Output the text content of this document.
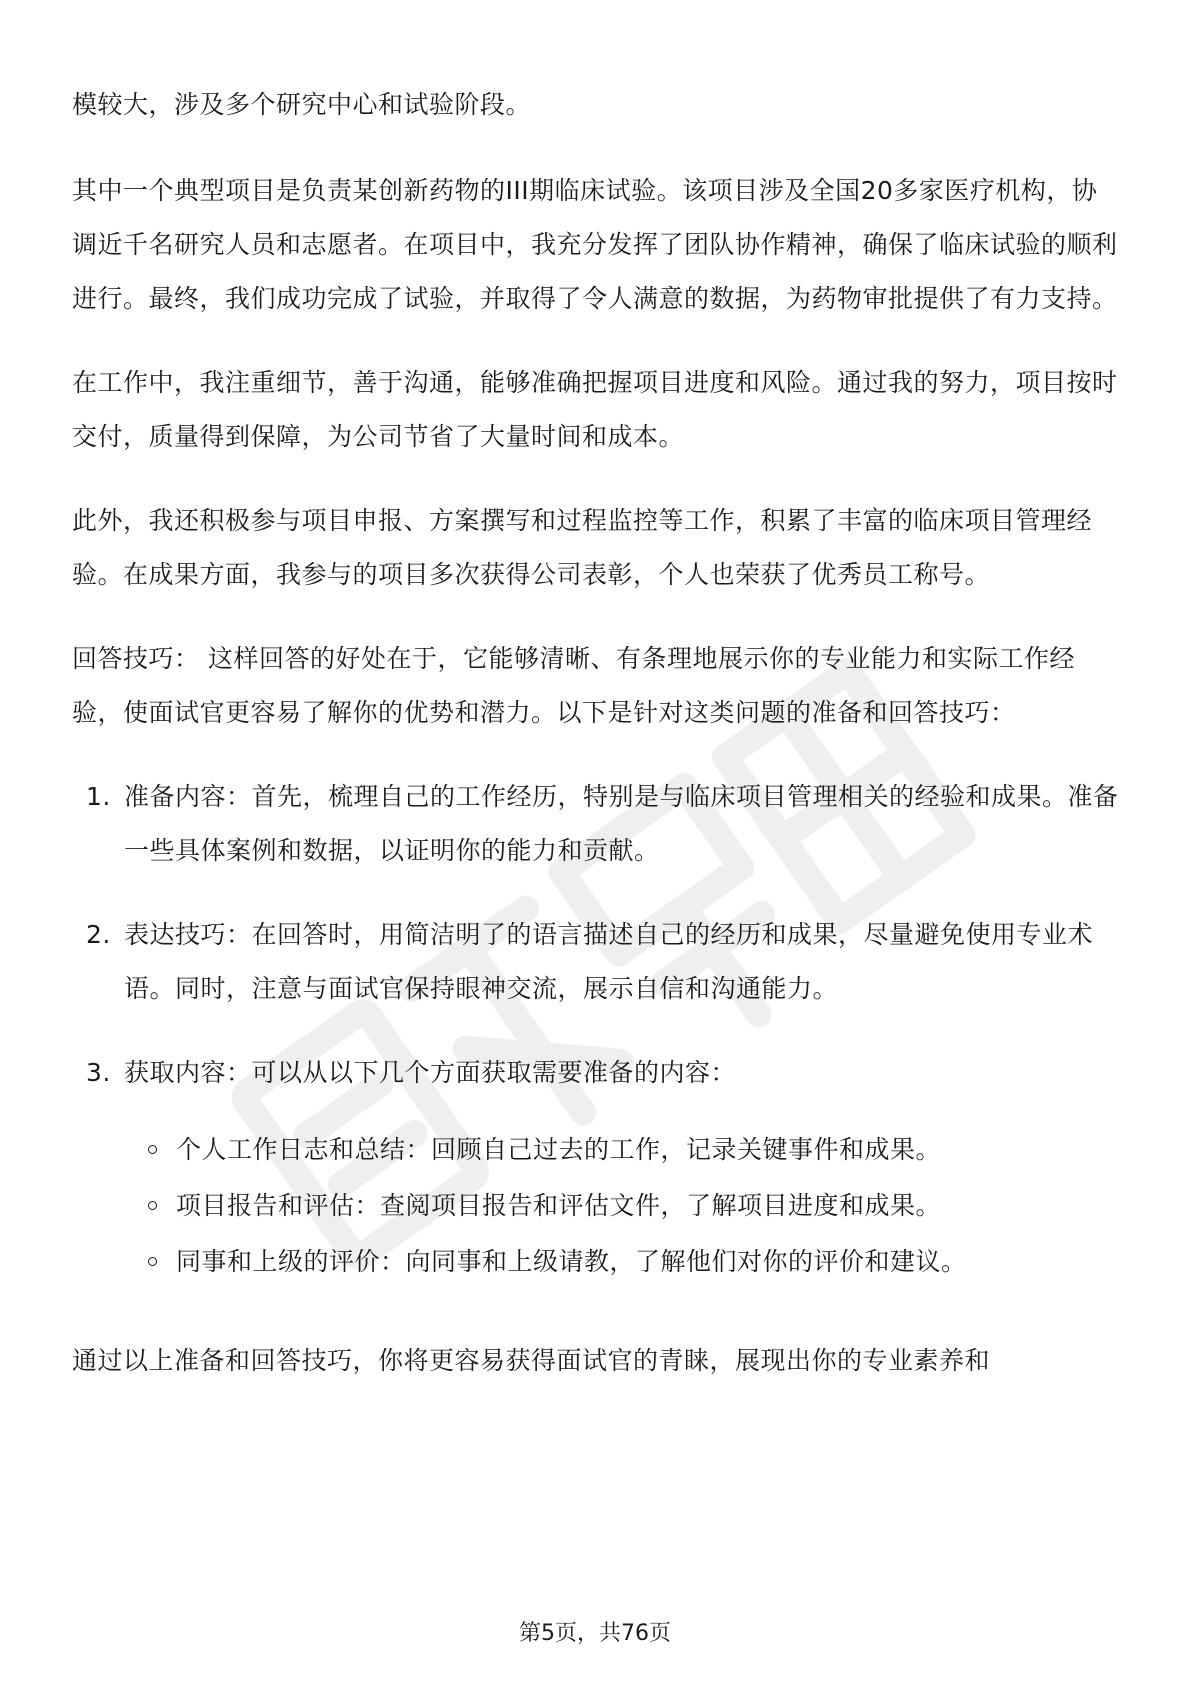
模较大，涉及多个研究中心和试验阶段。

其中一个典型项目是负责某创新药物的III期临床试验。该项目涉及全国20多家医疗机构，协调近千名研究人员和志愿者。在项目中，我充分发挥了团队协作精神，确保了临床试验的顺利进行。最终，我们成功完成了试验，并取得了令人满意的数据，为药物审批提供了有力支持。

在工作中，我注重细节，善于沟通，能够准确把握项目进度和风险。通过我的努力，项目按时交付，质量得到保障，为公司节省了大量时间和成本。

此外，我还积极参与项目申报、方案撰写和过程监控等工作，积累了丰富的临床项目管理经验。在成果方面，我参与的项目多次获得公司表彰，个人也荣获了优秀员工称号。

回答技巧： 这样回答的好处在于，它能够清晰、有条理地展示你的专业能力和实际工作经验，使面试官更容易了解你的优势和潜力。以下是针对这类问题的准备和回答技巧：

1. 准备内容：首先，梳理自己的工作经历，特别是与临床项目管理相关的经验和成果。准备一些具体案例和数据，以证明你的能力和贡献。
2. 表达技巧：在回答时，用简洁明了的语言描述自己的经历和成果，尽量避免使用专业术语。同时，注意与面试官保持眼神交流，展示自信和沟通能力。
3. 获取内容：可以从以下几个方面获取需要准备的内容：
个人工作日志和总结：回顾自己过去的工作，记录关键事件和成果。
项目报告和评估：查阅项目报告和评估文件，了解项目进度和成果。
同事和上级的评价：向同事和上级请教，了解他们对你的评价和建议。

通过以上准备和回答技巧，你将更容易获得面试官的青睐，展现出你的专业素养和

第5页，共76页
